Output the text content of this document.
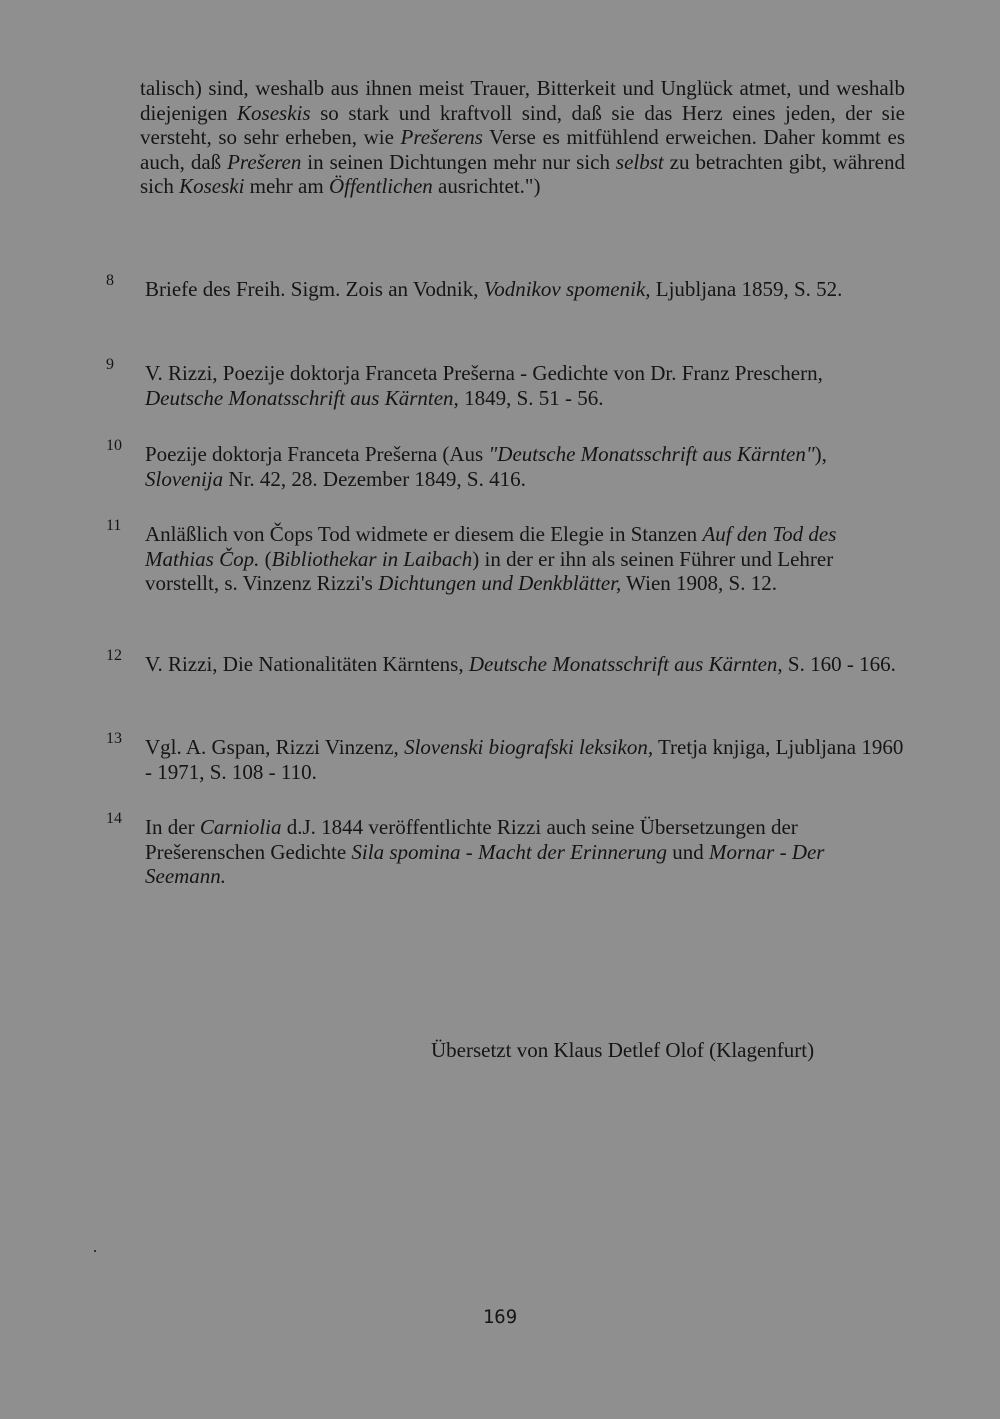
talisch) sind, weshalb aus ihnen meist Trauer, Bitterkeit und Unglück atmet, und weshalb diejenigen Koseskis so stark und kraftvoll sind, daß sie das Herz eines jeden, der sie versteht, so sehr erheben, wie Prešerens Verse es mitfühlend erweichen. Daher kommt es auch, daß Prešeren in seinen Dichtungen mehr nur sich selbst zu betrachten gibt, während sich Koseski mehr am Öffentlichen ausrichtet.")

8	Briefe des Freih. Sigm. Zois an Vodnik, Vodnikov spomenik, Ljubljana 1859, S. 52.
9	V. Rizzi, Poezije doktorja Franceta Prešerna - Gedichte von Dr. Franz Preschern, Deutsche Monatsschrift aus Kärnten, 1849, S. 51 - 56.
10	Poezije doktorja Franceta Prešerna (Aus "Deutsche Monatsschrift aus Kärnten"), Slovenija Nr. 42, 28. Dezember 1849, S. 416.
11	Anläßlich von Čops Tod widmete er diesem die Elegie in Stanzen Auf den Tod des Mathias Čop. (Bibliothekar in Laibach) in der er ihn als seinen Führer und Lehrer vorstellt, s. Vinzenz Rizzi's Dichtungen und Denkblätter, Wien 1908, S. 12.
12	V. Rizzi, Die Nationalitäten Kärntens, Deutsche Monatsschrift aus Kärnten, S. 160 - 166.
13	Vgl. A. Gspan, Rizzi Vinzenz, Slovenski biografski leksikon, Tretja knjiga, Ljubljana 1960 - 1971, S. 108 - 110.
14	In der Carniolia d.J. 1844 veröffentlichte Rizzi auch seine Übersetzungen der Prešerenschen Gedichte Sila spomina - Macht der Erinnerung und Mornar - Der Seemann.
Übersetzt von Klaus Detlef Olof (Klagenfurt)
169
